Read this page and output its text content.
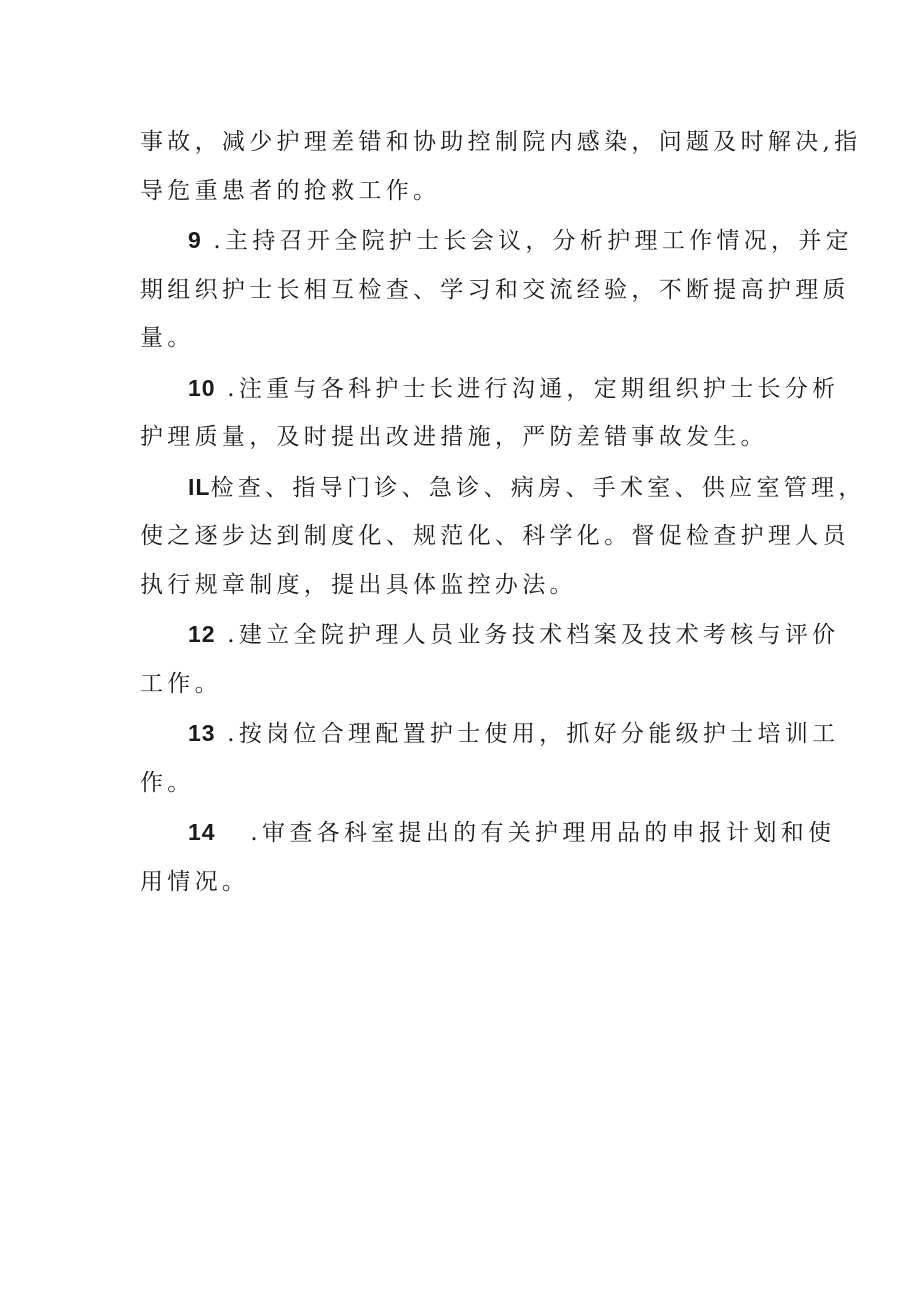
事故，减少护理差错和协助控制院内感染，问题及时解决,指
导危重患者的抢救工作。

9 .主持召开全院护士长会议，分析护理工作情况，并定
期组织护士长相互检查、学习和交流经验，不断提高护理质
量。

10 .注重与各科护士长进行沟通，定期组织护士长分析
护理质量，及时提出改进措施，严防差错事故发生。

IL检查、指导门诊、急诊、病房、手术室、供应室管理，
使之逐步达到制度化、规范化、科学化。督促检查护理人员
执行规章制度，提出具体监控办法。

12 .建立全院护理人员业务技术档案及技术考核与评价
工作。

13 .按岗位合理配置护士使用，抓好分能级护士培训工
作。

14   .审查各科室提出的有关护理用品的申报计划和使
用情况。
